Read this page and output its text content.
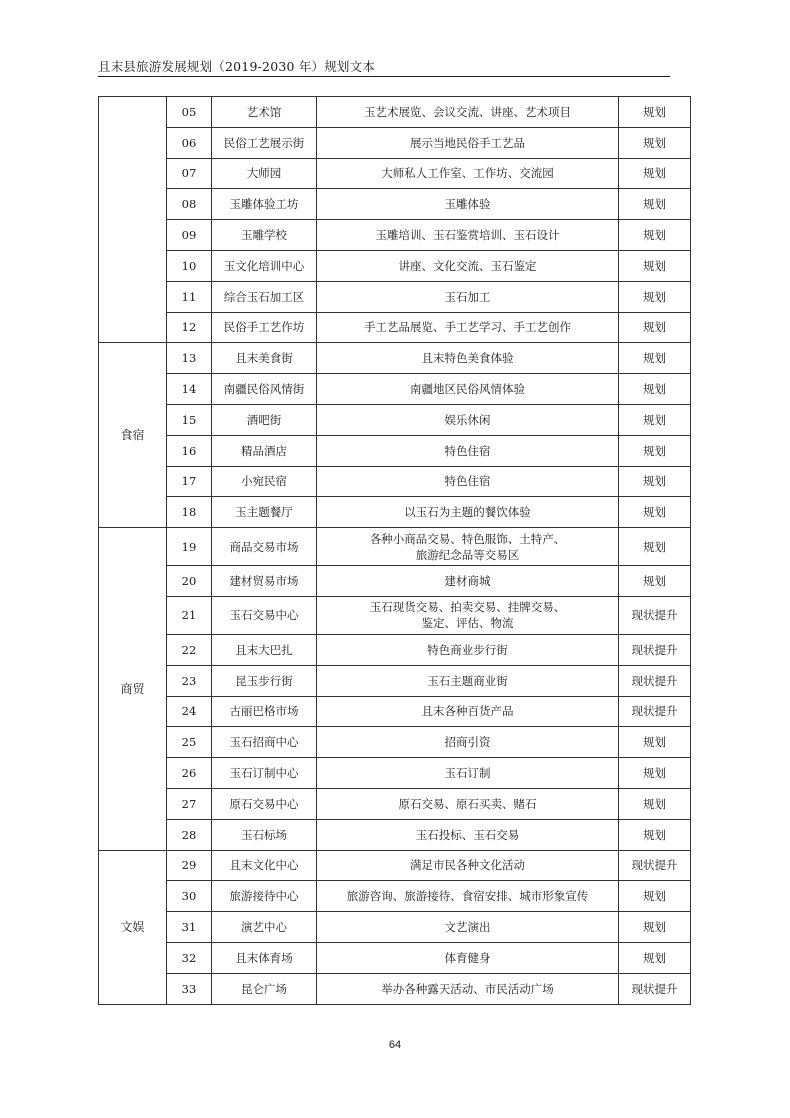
且末县旅游发展规划（2019-2030 年）规划文本
	05	艺术馆	玉艺术展览、会议交流、讲座、艺术项目	规划
	06	民俗工艺展示街	展示当地民俗手工艺品	规划
	07	大师园	大师私人工作室、工作坊、交流园	规划
	08	玉雕体验工坊	玉雕体验	规划
	09	玉雕学校	玉雕培训、玉石鉴赏培训、玉石设计	规划
	10	玉文化培训中心	讲座、文化交流、玉石鉴定	规划
	11	综合玉石加工区	玉石加工	规划
	12	民俗手工艺作坊	手工艺品展览、手工艺学习、手工艺创作	规划
食宿	13	且末美食街	且末特色美食体验	规划
	14	南疆民俗风情街	南疆地区民俗风情体验	规划
	15	酒吧街	娱乐休闲	规划
	16	精品酒店	特色住宿	规划
	17	小宛民宿	特色住宿	规划
	18	玉主题餐厅	以玉石为主题的餐饮体验	规划
商贸	19	商品交易市场	各种小商品交易、特色服饰、土特产、
旅游纪念品等交易区	规划
	20	建材贸易市场	建材商城	规划
	21	玉石交易中心	玉石现货交易、拍卖交易、挂牌交易、
鉴定、评估、物流	现状提升
	22	且末大巴扎	特色商业步行街	现状提升
	23	昆玉步行街	玉石主题商业街	现状提升
	24	古丽巴格市场	且末各种百货产品	现状提升
	25	玉石招商中心	招商引资	规划
	26	玉石订制中心	玉石订制	规划
	27	原石交易中心	原石交易、原石买卖、赌石	规划
	28	玉石标场	玉石投标、玉石交易	规划
文娱	29	且末文化中心	满足市民各种文化活动	现状提升
	30	旅游接待中心	旅游咨询、旅游接待、食宿安排、城市形象宣传	规划
	31	演艺中心	文艺演出	规划
	32	且末体育场	体育健身	规划
	33	昆仑广场	举办各种露天活动、市民活动广场	现状提升
64
